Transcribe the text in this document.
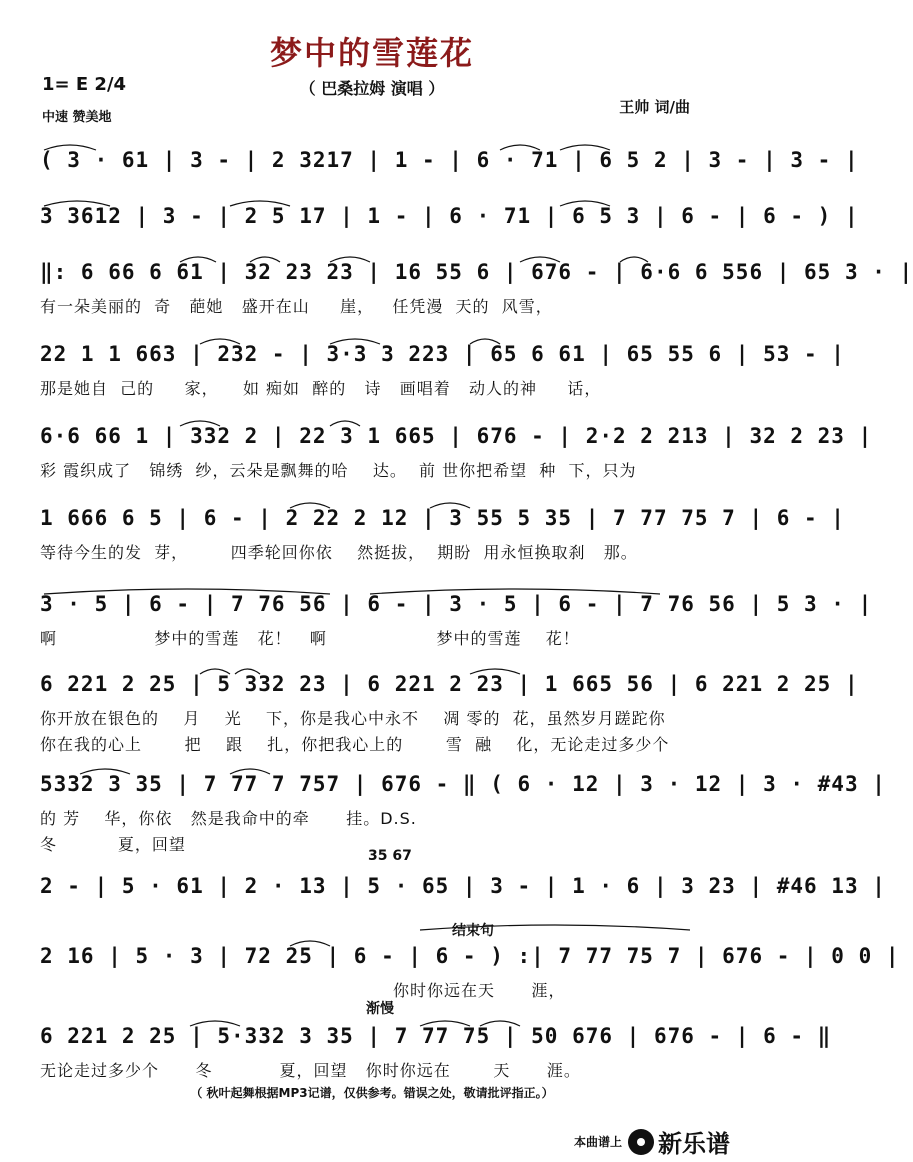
梦中的雪莲花
（ 巴桑拉姆 演唱 ）
1= E 2/4
中速 赞美地
王帅 词/曲
( 3 · 61 | 3 - | 2 3217 | 1 - | 6 · 71 | 6 5 2 | 3 - | 3 - |
3 3612 | 3 - | 2 5 17 | 1 - | 6 · 71 | 6 5 3 | 6 - | 6 - ) |
‖: 6 66 6 61 | 32 23 23 | 16 55 6 | 676 - | 6·6 6 556 | 65 3 · |
有一朵美丽的  奇   葩她   盛开在山     崖，   任凭漫  天的  风雪，
22 1 1 663 | 232 - | 3·3 3 223 | 65 6 61 | 65 55 6 | 53 - |
那是她自  己的     家，    如 痴如  醉的   诗   画唱着   动人的神     话，
6·6 66 1 | 332 2 | 22 3 1 665 | 676 - | 2·2 2 213 | 32 2 23 |
彩 霞织成了   锦绣  纱，云朵是飘舞的哈    达。  前 世你把希望  种  下，只为
1 666 6 5 | 6 - | 2 22 2 12 | 3 55 5 35 | 7 77 75 7 | 6 - |
等待今生的发  芽，       四季轮回你依    然挺拔，  期盼  用永恒换取刹   那。
3 · 5 | 6 - | 7 76 56 | 6 - | 3 · 5 | 6 - | 7 76 56 | 5 3 · |
啊                梦中的雪莲   花！   啊                  梦中的雪莲    花！
6 221 2 25 | 5 332 23 | 6 221 2 23 | 1 665 56 | 6 221 2 25 |
你开放在银色的    月    光    下，你是我心中永不    凋 零的  花，虽然岁月蹉跎你
你在我的心上       把    跟    扎，你把我心上的       雪  融    化，无论走过多少个
5332 3 35 | 7 77 7 757 | 676 - ‖ ( 6 · 12 | 3 · 12 | 3 · #43 |
的 芳    华，你依   然是我命中的牵      挂。D.S.
冬          夏，回望
35 67
2 - | 5 · 61 | 2 · 13 | 5 · 65 | 3 - | 1 · 6 | 3 23 | #46 13 |
结束句
2 16 | 5 · 3 | 72 25 | 6 - | 6 - ) :| 7 77 75 7 | 676 - | 0 0 |
你时你远在天      涯，
渐慢
6 221 2 25 | 5·332 3 35 | 7 77 75 | 50 676 | 676 - | 6 - ‖
无论走过多少个      冬           夏，回望   你时你远在       天      涯。
（ 秋叶起舞根据MP3记谱，仅供参考。错误之处，敬请批评指正。）
本曲谱上 新乐谱
